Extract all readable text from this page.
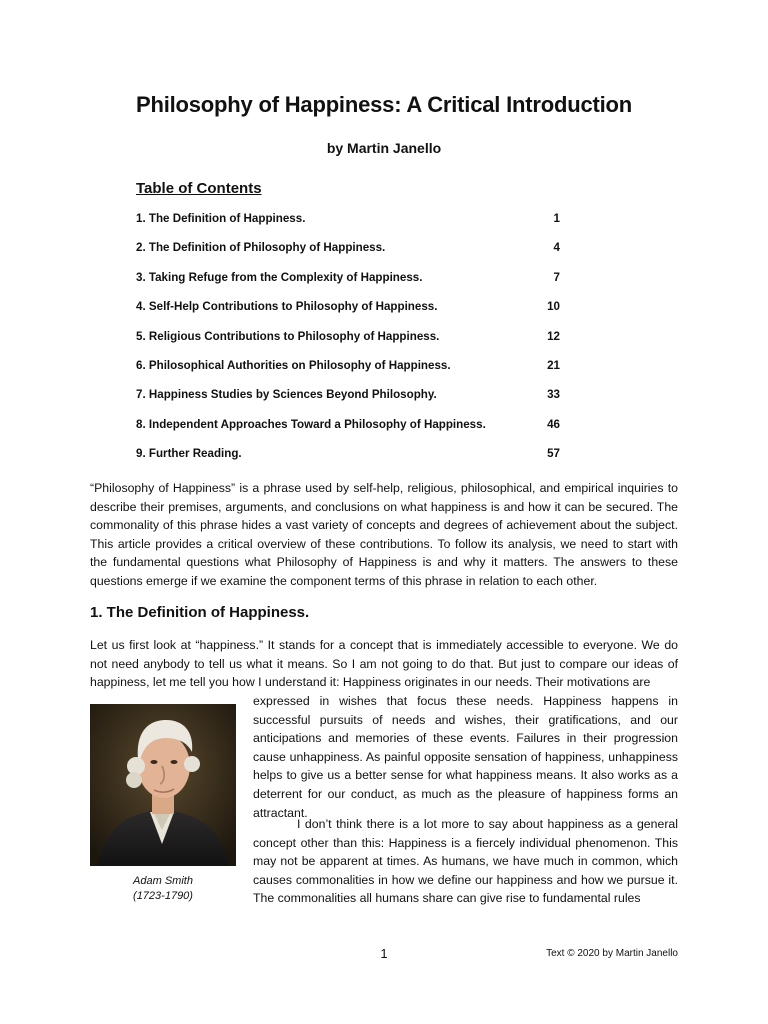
Philosophy of Happiness: A Critical Introduction
by Martin Janello
Table of Contents
1. The Definition of Happiness.	1
2. The Definition of Philosophy of Happiness.	4
3. Taking Refuge from the Complexity of Happiness.	7
4. Self-Help Contributions to Philosophy of Happiness.	10
5. Religious Contributions to Philosophy of Happiness.	12
6. Philosophical Authorities on Philosophy of Happiness.	21
7. Happiness Studies by Sciences Beyond Philosophy.	33
8. Independent Approaches Toward a Philosophy of Happiness.	46
9. Further Reading.	57
“Philosophy of Happiness” is a phrase used by self-help, religious, philosophical, and empirical inquiries to describe their premises, arguments, and conclusions on what happiness is and how it can be secured. The commonality of this phrase hides a vast variety of concepts and degrees of achievement about the subject. This article provides a critical overview of these contributions. To follow its analysis, we need to start with the fundamental questions what Philosophy of Happiness is and why it matters. The answers to these questions emerge if we examine the component terms of this phrase in relation to each other.
1. The Definition of Happiness.
Let us first look at “happiness.” It stands for a concept that is immediately accessible to everyone. We do not need anybody to tell us what it means. So I am not going to do that. But just to compare our ideas of happiness, let me tell you how I understand it: Happiness originates in our needs. Their motivations are
Adam Smith
(1723-1790)
expressed in wishes that focus these needs. Happiness happens in successful pursuits of needs and wishes, their gratifications, and our anticipations and memories of these events. Failures in their progression cause unhappiness. As painful opposite sensation of happiness, unhappiness helps to give us a better sense for what happiness means. It also works as a deterrent for our conduct, as much as the pleasure of happiness forms an attractant.
I don’t think there is a lot more to say about happiness as a general concept other than this: Happiness is a fiercely individual phenomenon. This may not be apparent at times. As humans, we have much in common, which causes commonalities in how we define our happiness and how we pursue it. The commonalities all humans share can give rise to fundamental rules
1	Text © 2020 by Martin Janello
